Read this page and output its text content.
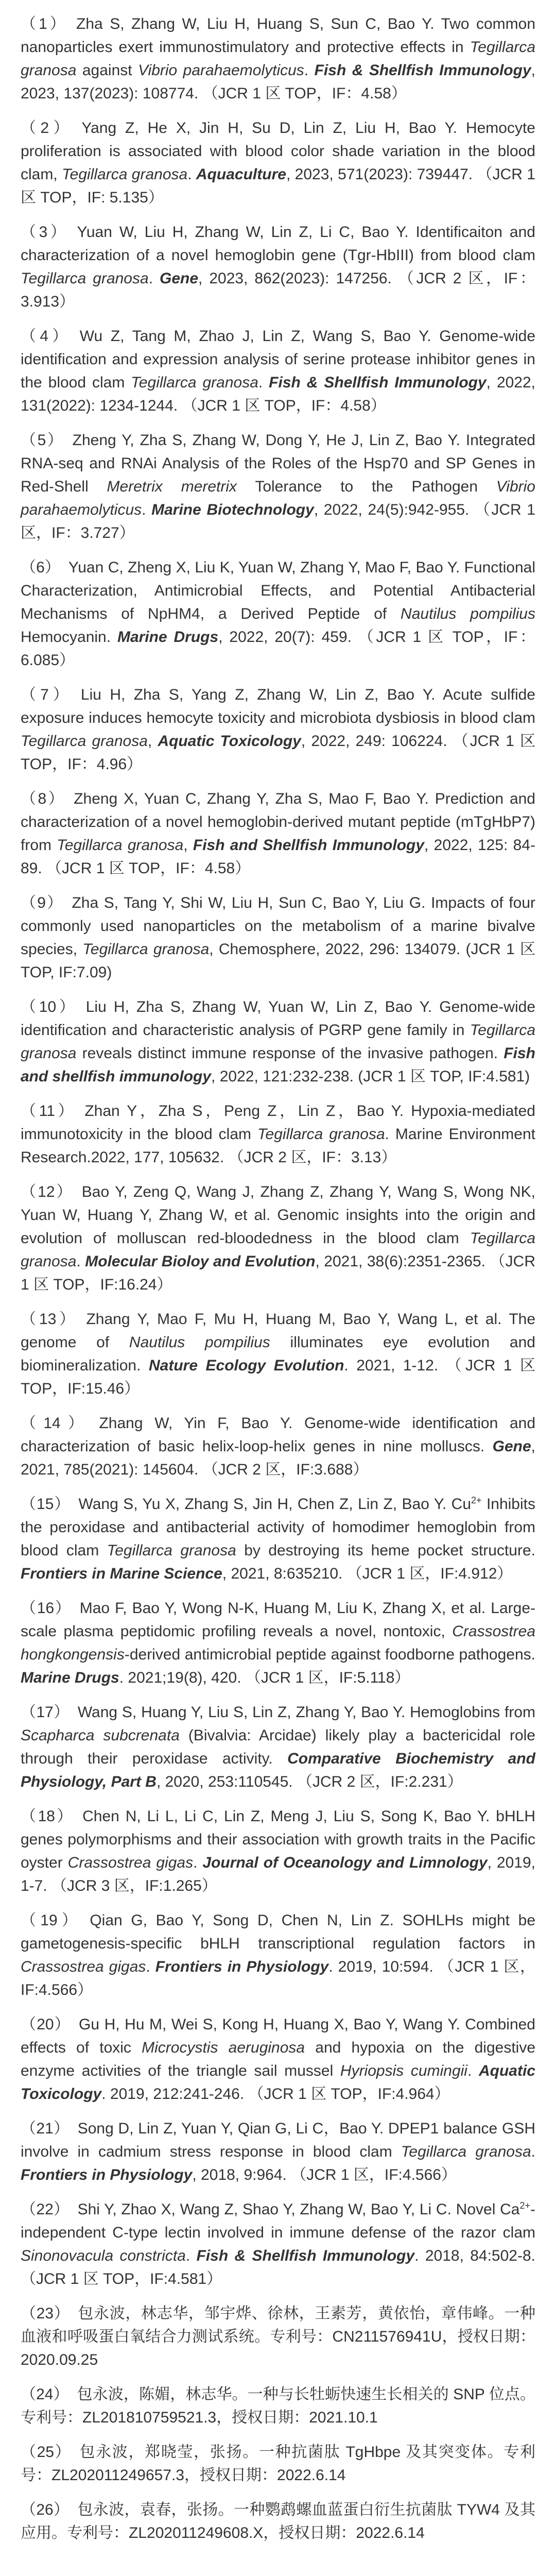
（1） Zha S, Zhang W, Liu H, Huang S, Sun C, Bao Y. Two common nanoparticles exert immunostimulatory and protective effects in Tegillarca granosa against Vibrio parahaemolyticus. Fish & Shellfish Immunology, 2023, 137(2023): 108774. （JCR 1 区 TOP，IF：4.58）
（2） Yang Z, He X, Jin H, Su D, Lin Z, Liu H, Bao Y. Hemocyte proliferation is associated with blood color shade variation in the blood clam, Tegillarca granosa. Aquaculture, 2023, 571(2023): 739447. （JCR 1 区 TOP，IF: 5.135）
（3） Yuan W, Liu H, Zhang W, Lin Z, Li C, Bao Y. Identificaiton and characterization of a novel hemoglobin gene (Tgr-HbIII) from blood clam Tegillarca granosa. Gene, 2023, 862(2023): 147256. （JCR 2 区，IF：3.913）
（4） Wu Z, Tang M, Zhao J, Lin Z, Wang S, Bao Y. Genome-wide identification and expression analysis of serine protease inhibitor genes in the blood clam Tegillarca granosa. Fish & Shellfish Immunology, 2022, 131(2022): 1234-1244. （JCR 1 区 TOP，IF：4.58）
（5） Zheng Y, Zha S, Zhang W, Dong Y, He J, Lin Z, Bao Y. Integrated RNA-seq and RNAi Analysis of the Roles of the Hsp70 and SP Genes in Red-Shell Meretrix meretrix Tolerance to the Pathogen Vibrio parahaemolyticus. Marine Biotechnology, 2022, 24(5):942-955. （JCR 1 区，IF：3.727）
（6） Yuan C, Zheng X, Liu K, Yuan W, Zhang Y, Mao F, Bao Y. Functional Characterization, Antimicrobial Effects, and Potential Antibacterial Mechanisms of NpHM4, a Derived Peptide of Nautilus pompilius Hemocyanin. Marine Drugs, 2022, 20(7): 459. （JCR 1 区 TOP，IF：6.085）
（7） Liu H, Zha S, Yang Z, Zhang W, Lin Z, Bao Y. Acute sulfide exposure induces hemocyte toxicity and microbiota dysbiosis in blood clam Tegillarca granosa, Aquatic Toxicology, 2022, 249: 106224. （JCR 1 区 TOP，IF：4.96）
（8） Zheng X, Yuan C, Zhang Y, Zha S, Mao F, Bao Y. Prediction and characterization of a novel hemoglobin-derived mutant peptide (mTgHbP7) from Tegillarca granosa, Fish and Shellfish Immunology, 2022, 125: 84-89. （JCR 1 区 TOP，IF：4.58）
（9） Zha S, Tang Y, Shi W, Liu H, Sun C, Bao Y, Liu G. Impacts of four commonly used nanoparticles on the metabolism of a marine bivalve species, Tegillarca granosa, Chemosphere, 2022, 296: 134079. (JCR 1 区 TOP, IF:7.09)
（10） Liu H, Zha S, Zhang W, Yuan W, Lin Z, Bao Y. Genome-wide identification and characteristic analysis of PGRP gene family in Tegillarca granosa reveals distinct immune response of the invasive pathogen. Fish and shellfish immunology, 2022, 121:232-238. (JCR 1 区 TOP, IF:4.581)
（11） Zhan Y，Zha S，Peng Z，Lin Z，Bao Y. Hypoxia-mediated immunotoxicity in the blood clam Tegillarca granosa. Marine Environment Research.2022, 177, 105632. （JCR 2 区，IF：3.13）
（12） Bao Y, Zeng Q, Wang J, Zhang Z, Zhang Y, Wang S, Wong NK, Yuan W, Huang Y, Zhang W, et al. Genomic insights into the origin and evolution of molluscan red-bloodedness in the blood clam Tegillarca granosa. Molecular Bioloy and Evolution, 2021, 38(6):2351-2365. （JCR 1 区 TOP，IF:16.24）
（13） Zhang Y, Mao F, Mu H, Huang M, Bao Y, Wang L, et al. The genome of Nautilus pompilius illuminates eye evolution and biomineralization. Nature Ecology Evolution. 2021, 1-12. （JCR 1 区 TOP，IF:15.46）
（14） Zhang W, Yin F, Bao Y. Genome-wide identification and characterization of basic helix-loop-helix genes in nine molluscs. Gene, 2021, 785(2021): 145604. （JCR 2 区，IF:3.688）
（15） Wang S, Yu X, Zhang S, Jin H, Chen Z, Lin Z, Bao Y. $Cu^{2+}$ Inhibits the peroxidase and antibacterial activity of homodimer hemoglobin from blood clam Tegillarca granosa by destroying its heme pocket structure. Frontiers in Marine Science, 2021, 8:635210. （JCR 1 区，IF:4.912）
（16） Mao F, Bao Y, Wong N-K, Huang M, Liu K, Zhang X, et al. Large-scale plasma peptidomic profiling reveals a novel, nontoxic, Crassostrea hongkongensis-derived antimicrobial peptide against foodborne pathogens. Marine Drugs. 2021;19(8), 420. （JCR 1 区，IF:5.118）
（17） Wang S, Huang Y, Liu S, Lin Z, Zhang Y, Bao Y. Hemoglobins from Scapharca subcrenata (Bivalvia: Arcidae) likely play a bactericidal role through their peroxidase activity. Comparative Biochemistry and Physiology, Part B, 2020, 253:110545. （JCR 2 区，IF:2.231）
（18） Chen N, Li L, Li C, Lin Z, Meng J, Liu S, Song K, Bao Y. bHLH genes polymorphisms and their association with growth traits in the Pacific oyster Crassostrea gigas. Journal of Oceanology and Limnology, 2019, 1-7. （JCR 3 区，IF:1.265）
（19） Qian G, Bao Y, Song D, Chen N, Lin Z. SOHLHs might be gametogenesis-specific bHLH transcriptional regulation factors in Crassostrea gigas. Frontiers in Physiology. 2019, 10:594. （JCR 1 区，IF:4.566）
（20） Gu H, Hu M, Wei S, Kong H, Huang X, Bao Y, Wang Y. Combined effects of toxic Microcystis aeruginosa and hypoxia on the digestive enzyme activities of the triangle sail mussel Hyriopsis cumingii. Aquatic Toxicology. 2019, 212:241-246. （JCR 1 区 TOP，IF:4.964）
（21） Song D, Lin Z, Yuan Y, Qian G, Li C，Bao Y. DPEP1 balance GSH involve in cadmium stress response in blood clam Tegillarca granosa. Frontiers in Physiology, 2018, 9:964. （JCR 1 区，IF:4.566）
（22） Shi Y, Zhao X, Wang Z, Shao Y, Zhang W, Bao Y, Li C. Novel $Ca^{2+}$-independent C-type lectin involved in immune defense of the razor clam Sinonovacula constricta. Fish & Shellfish Immunology. 2018, 84:502-8. （JCR 1 区 TOP，IF:4.581）
（23） 包永波，林志华，邹宇烨、徐林，王素芳，黄依怡，章伟峰。一种血液和呼吸蛋白氧结合力测试系统。专利号：CN211576941U，授权日期：2020.09.25
（24） 包永波，陈媚，林志华。一种与长牡蛎快速生长相关的 SNP 位点。专利号：ZL201810759521.3，授权日期：2021.10.1
（25） 包永波，郑晓莹，张扬。一种抗菌肽 TgHbpe 及其突变体。专利号：ZL202011249657.3，授权日期：2022.6.14
（26） 包永波，袁春，张扬。一种鹦鹉螺血蓝蛋白衍生抗菌肽 TYW4 及其应用。专利号：ZL202011249608.X，授权日期：2022.6.14
